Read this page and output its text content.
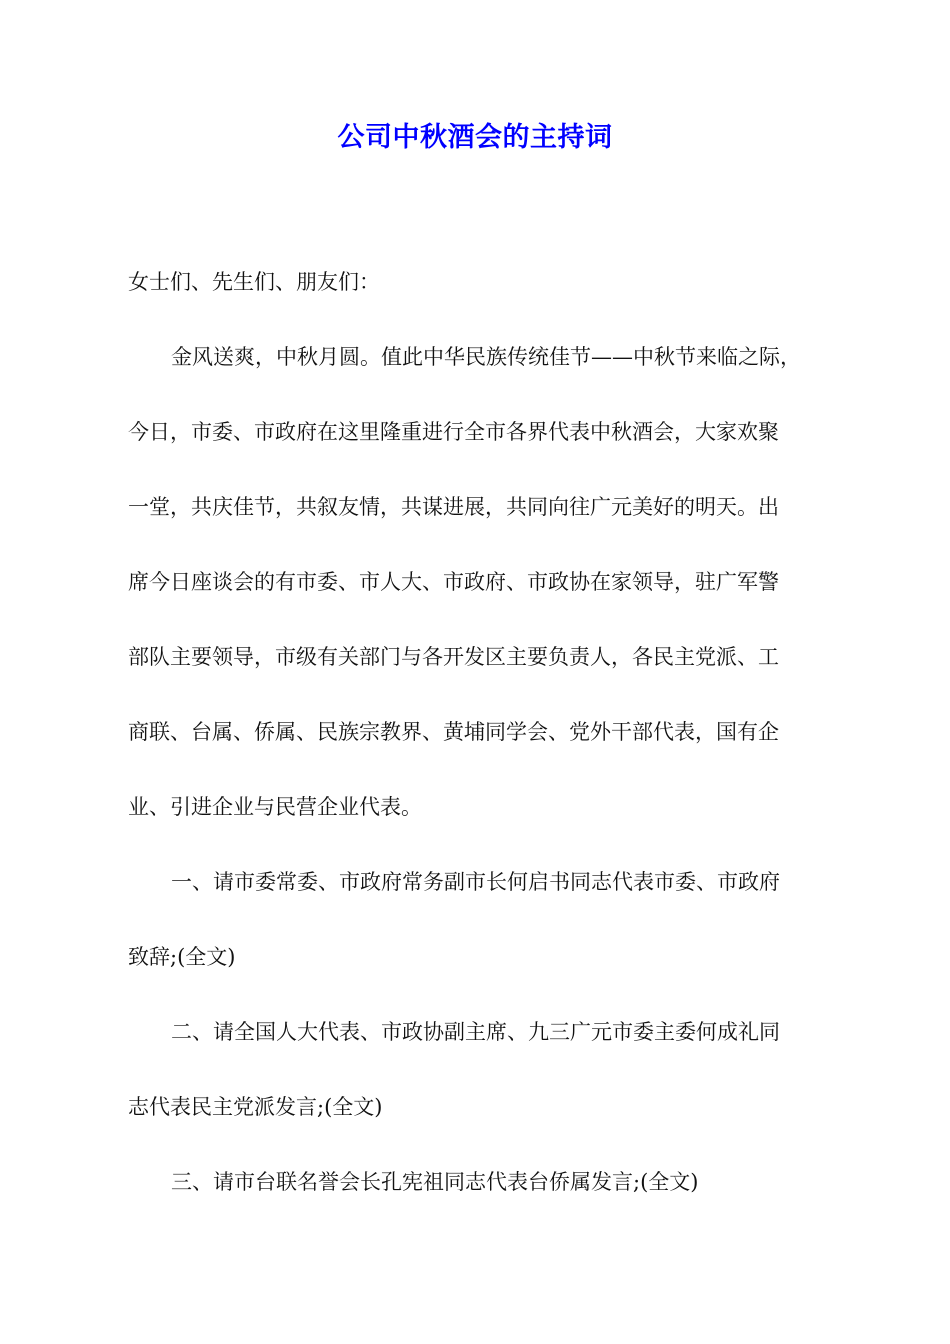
公司中秋酒会的主持词
女士们、先生们、朋友们：
金风送爽，中秋月圆。值此中华民族传统佳节——中秋节来临之际，
今日，市委、市政府在这里隆重进行全市各界代表中秋酒会，大家欢聚
一堂，共庆佳节，共叙友情，共谋进展，共同向往广元美好的明天。出
席今日座谈会的有市委、市人大、市政府、市政协在家领导，驻广军警
部队主要领导，市级有关部门与各开发区主要负责人，各民主党派、工
商联、台属、侨属、民族宗教界、黄埔同学会、党外干部代表，国有企
业、引进企业与民营企业代表。
一、请市委常委、市政府常务副市长何启书同志代表市委、市政府
致辞;(全文)
二、请全国人大代表、市政协副主席、九三广元市委主委何成礼同
志代表民主党派发言;(全文)
三、请市台联名誉会长孔宪祖同志代表台侨属发言;(全文)
